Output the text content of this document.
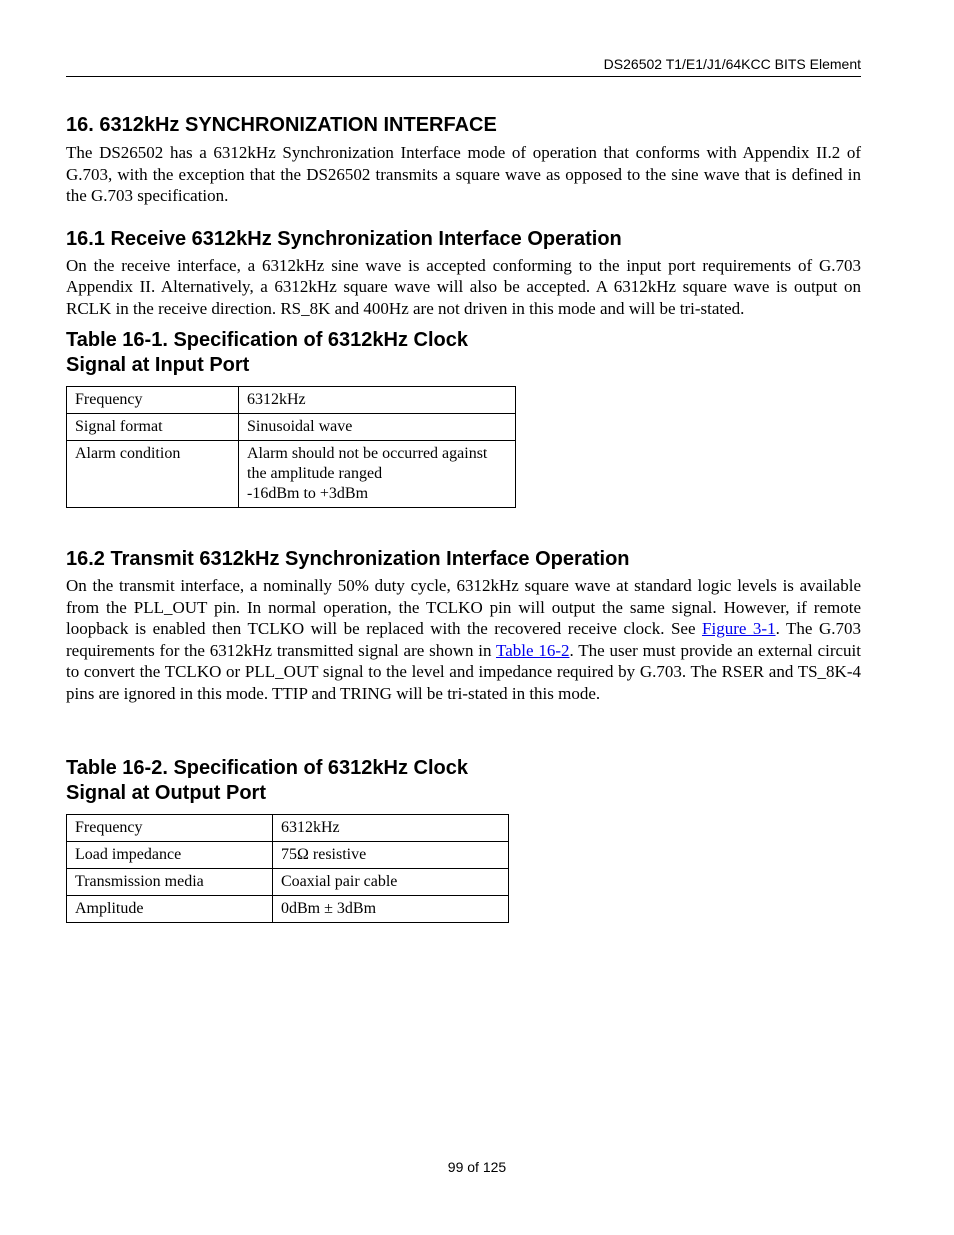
DS26502 T1/E1/J1/64KCC BITS Element
16. 6312kHz SYNCHRONIZATION INTERFACE

The DS26502 has a 6312kHz Synchronization Interface mode of operation that conforms with Appendix II.2 of G.703, with the exception that the DS26502 transmits a square wave as opposed to the sine wave that is defined in the G.703 specification.

16.1 Receive 6312kHz Synchronization Interface Operation

On the receive interface, a 6312kHz sine wave is accepted conforming to the input port requirements of G.703 Appendix II. Alternatively, a 6312kHz square wave will also be accepted. A 6312kHz square wave is output on RCLK in the receive direction. RS_8K and 400Hz are not driven in this mode and will be tri-stated.

Table 16-1. Specification of 6312kHz Clock
Signal at Input Port
Frequency	6312kHz
Signal format	Sinusoidal wave
Alarm condition	Alarm should not be occurred against
the amplitude ranged
-16dBm to +3dBm
16.2 Transmit 6312kHz Synchronization Interface Operation

On the transmit interface, a nominally 50% duty cycle, 6312kHz square wave at standard logic levels is available from the PLL_OUT pin. In normal operation, the TCLKO pin will output the same signal. However, if remote loopback is enabled then TCLKO will be replaced with the recovered receive clock. See Figure 3-1. The G.703 requirements for the 6312kHz transmitted signal are shown in Table 16-2. The user must provide an external circuit to convert the TCLKO or PLL_OUT signal to the level and impedance required by G.703. The RSER and TS_8K-4 pins are ignored in this mode. TTIP and TRING will be tri-stated in this mode.

Table 16-2. Specification of 6312kHz Clock
Signal at Output Port
Frequency	6312kHz
Load impedance	75Ω resistive
Transmission media	Coaxial pair cable
Amplitude	0dBm ± 3dBm
99 of 125
